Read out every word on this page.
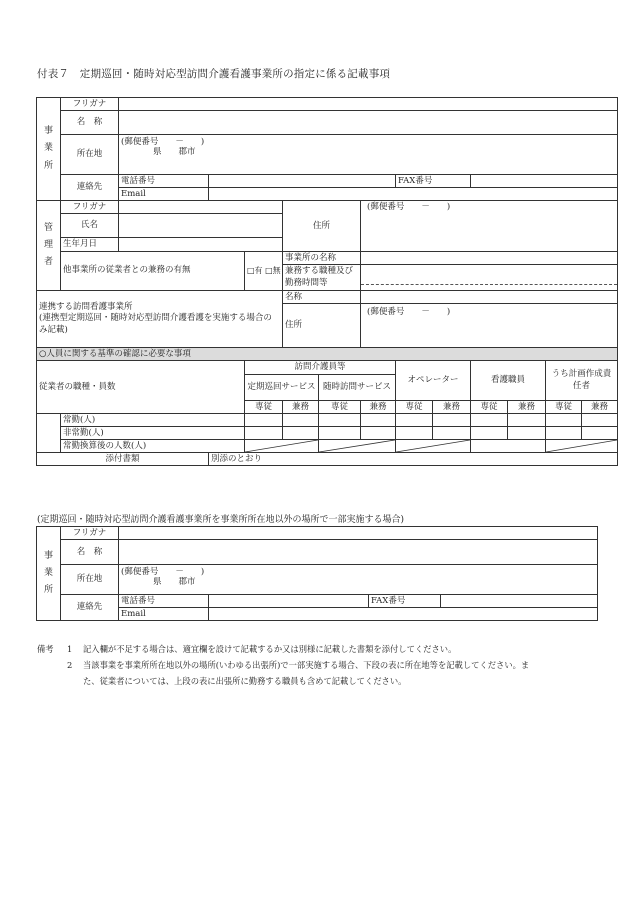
付表７　定期巡回・随時対応型訪問介護看護事業所の指定に係る記載事項
事
業
所	フリガナ												
	名　称												
	所在地	(郵便番号　　－　　)
県　　郡市											

	連絡先	電話番号						FAX番号					
		Email											

管
理
者	フリガナ				住所		(郵便番号　　－　　)						
	氏名												
	生年月日												
	他事業所の従業者との兼務の有無			□有 □無	事業所の名称								
					兼務する職種及び勤務時間等								

連携する訪問看護事業所
(連携型定期巡回・随時対応型訪問介護看護を実施する場合のみ記載)					名称								
					住所		(郵便番号　　－　　)						
○人員に関する基準の確認に必要な事項													
従業者の職種・員数				訪問介護員等				オペレーター		看護職員		うち計画作成責任者	
				定期巡回サービス		随時訪問サービス							
				専従	兼務	専従	兼務	専従	兼務	専従	兼務	専従	兼務
	常勤(人)												
	非常勤(人)												
	常勤換算後の人数(人)	

添付書類			別添のとおり										
(定期巡回・随時対応型訪問介護看護事業所を事業所所在地以外の場所で一部実施する場合)
事
業
所	フリガナ				
	名　称				
	所在地	(郵便番号　　－　　)
県　　郡市			

	連絡先	電話番号		FAX番号	
		Email			
備考	1	記入欄が不足する場合は、適宜欄を設けて記載するか又は別様に記載した書類を添付してください。
2	当該事業を事業所所在地以外の場所(いわゆる出張所)で一部実施する場合、下段の表に所在地等を記載してください。ま
た、従業者については、上段の表に出張所に勤務する職員も含めて記載してください。
